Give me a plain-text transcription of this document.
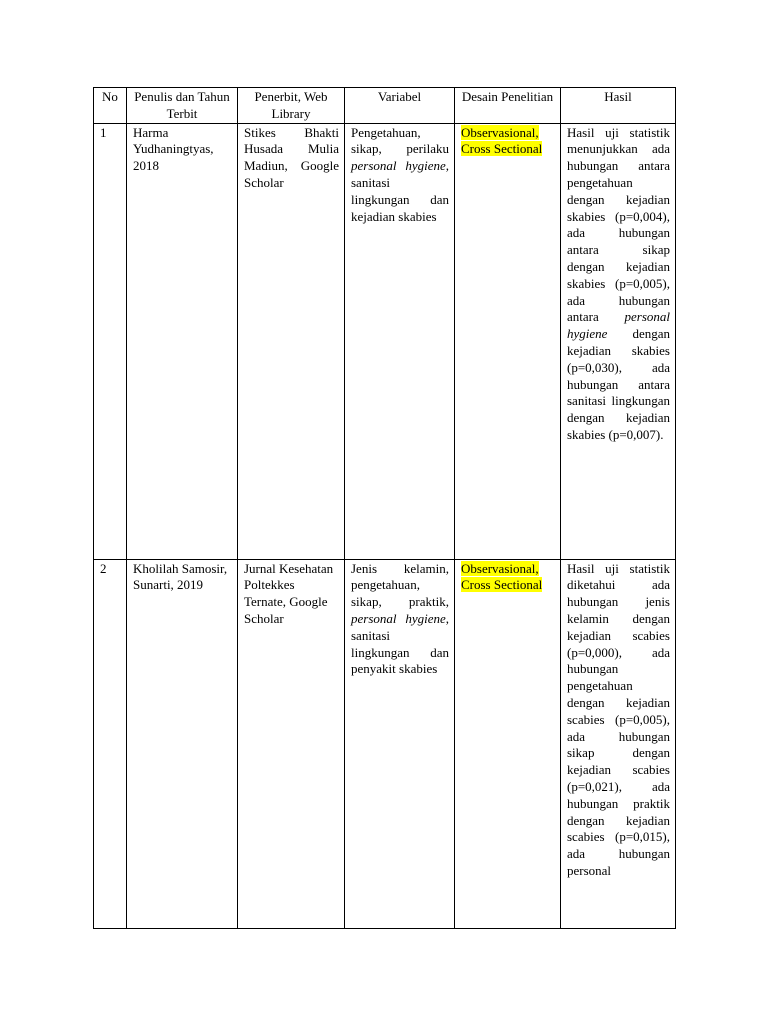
No	Penulis dan Tahun Terbit	Penerbit, Web Library	Variabel	Desain Penelitian	Hasil
1	Harma Yudhaningtyas, 2018	Stikes Bhakti Husada Mulia Madiun, Google Scholar	Pengetahuan, sikap, perilaku personal hygiene, sanitasi lingkungan dan kejadian skabies	Observasional, Cross Sectional	Hasil uji statistik menunjukkan ada hubungan antara pengetahuan dengan kejadian skabies (p=0,004), ada hubungan antara sikap dengan kejadian skabies (p=0,005), ada hubungan antara personal hygiene dengan kejadian skabies (p=0,030), ada hubungan antara sanitasi lingkungan dengan kejadian skabies (p=0,007).
2	Kholilah Samosir, Sunarti, 2019	Jurnal Kesehatan Poltekkes Ternate, Google Scholar	Jenis kelamin, pengetahuan, sikap, praktik, personal hygiene, sanitasi lingkungan dan penyakit skabies	Observasional, Cross Sectional	Hasil uji statistik diketahui ada hubungan jenis kelamin dengan kejadian scabies (p=0,000), ada hubungan pengetahuan dengan kejadian scabies (p=0,005), ada hubungan sikap dengan kejadian scabies (p=0,021), ada hubungan praktik dengan kejadian scabies (p=0,015), ada hubungan personal
